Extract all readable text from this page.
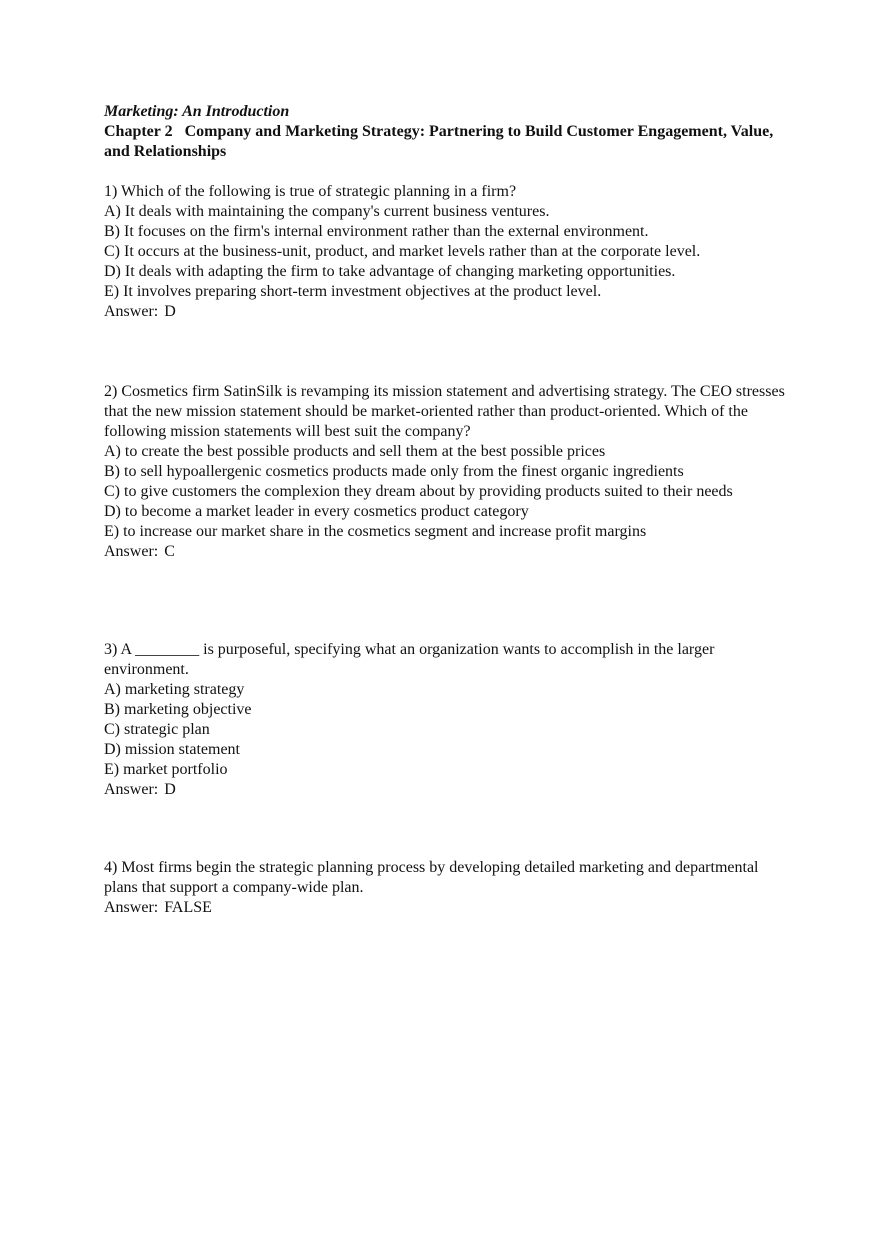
Marketing: An Introduction

Chapter 2 Company and Marketing Strategy: Partnering to Build Customer Engagement, Value, and Relationships

1) Which of the following is true of strategic planning in a firm?
A) It deals with maintaining the company's current business ventures.
B) It focuses on the firm's internal environment rather than the external environment.
C) It occurs at the business-unit, product, and market levels rather than at the corporate level.
D) It deals with adapting the firm to take advantage of changing marketing opportunities.
E) It involves preparing short-term investment objectives at the product level.
Answer: D
2) Cosmetics firm SatinSilk is revamping its mission statement and advertising strategy. The CEO stresses that the new mission statement should be market-oriented rather than product-oriented. Which of the following mission statements will best suit the company?
A) to create the best possible products and sell them at the best possible prices
B) to sell hypoallergenic cosmetics products made only from the finest organic ingredients
C) to give customers the complexion they dream about by providing products suited to their needs
D) to become a market leader in every cosmetics product category
E) to increase our market share in the cosmetics segment and increase profit margins
Answer: C
3) A ________ is purposeful, specifying what an organization wants to accomplish in the larger environment.
A) marketing strategy
B) marketing objective
C) strategic plan
D) mission statement
E) market portfolio
Answer: D
4) Most firms begin the strategic planning process by developing detailed marketing and departmental plans that support a company-wide plan.
Answer: FALSE
